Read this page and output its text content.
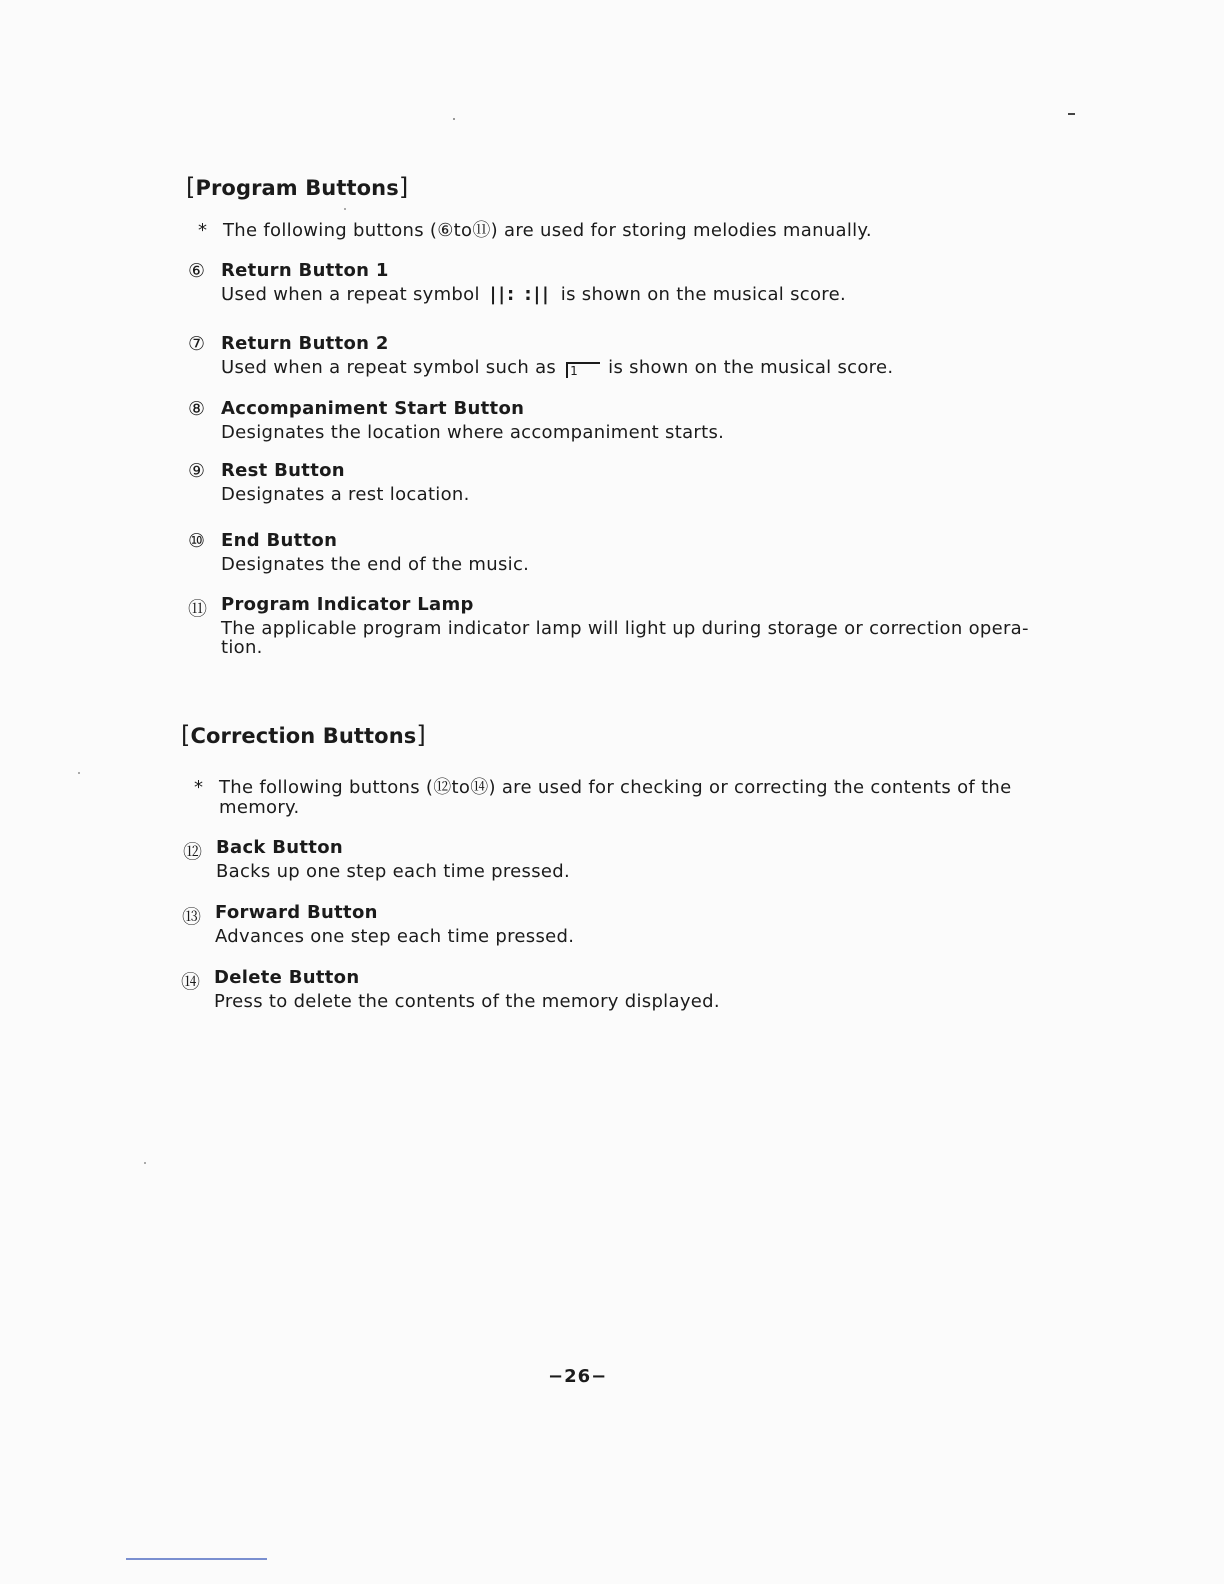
[Program Buttons]
* The following buttons (⑥to⑪) are used for storing melodies manually.
⑥ Return Button 1
Used when a repeat symbol ||: :|| is shown on the musical score.
⑦ Return Button 2
Used when a repeat symbol such as 1 is shown on the musical score.
⑧ Accompaniment Start Button
Designates the location where accompaniment starts.
⑨ Rest Button
Designates a rest location.
⑩ End Button
Designates the end of the music.
⑪ Program Indicator Lamp
The applicable program indicator lamp will light up during storage or correction opera-
tion.
[Correction Buttons]
* The following buttons (⑫to⑭) are used for checking or correcting the contents of the
memory.
⑫ Back Button
Backs up one step each time pressed.
⑬ Forward Button
Advances one step each time pressed.
⑭ Delete Button
Press to delete the contents of the memory displayed.
−26−
